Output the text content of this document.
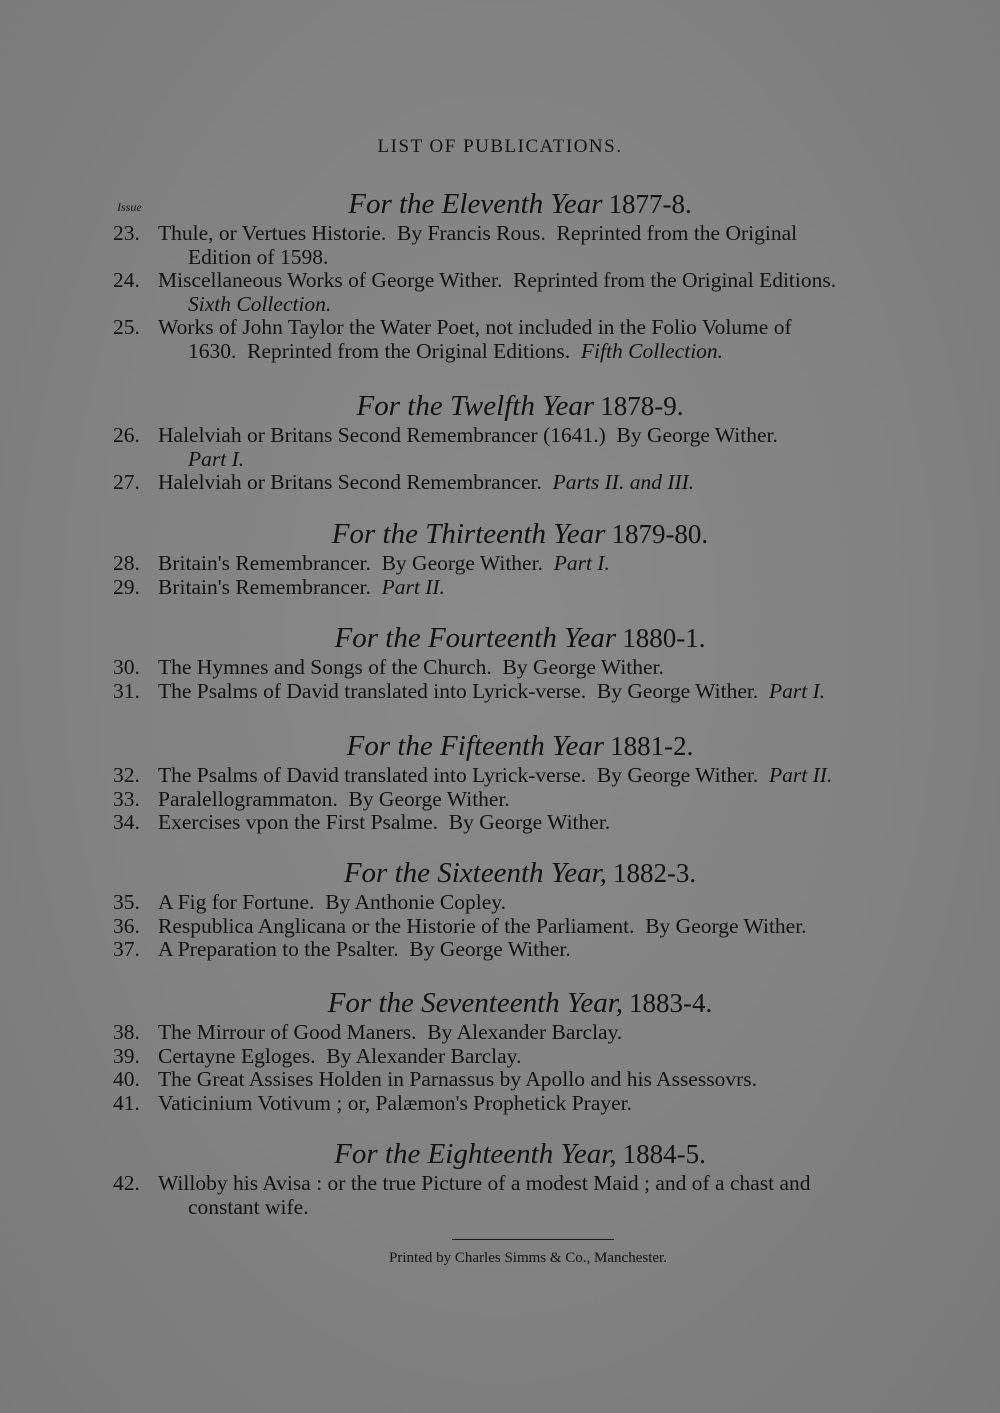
LIST OF PUBLICATIONS.
Issue	For the Eleventh Year 1877-8.
23. Thule, or Vertues Historie.  By Francis Rous.  Reprinted from the Original
Edition of 1598.
24. Miscellaneous Works of George Wither.  Reprinted from the Original Editions.
Sixth Collection.
25. Works of John Taylor the Water Poet, not included in the Folio Volume of
1630.  Reprinted from the Original Editions.  Fifth Collection.
For the Twelfth Year 1878-9.
26. Halelviah or Britans Second Remembrancer (1641.)  By George Wither.
Part I.
27. Halelviah or Britans Second Remembrancer.  Parts II. and III.
For the Thirteenth Year 1879-80.
28. Britain's Remembrancer.  By George Wither.  Part I.
29. Britain's Remembrancer.  Part II.
For the Fourteenth Year 1880-1.
30. The Hymnes and Songs of the Church.  By George Wither.
31. The Psalms of David translated into Lyrick-verse.  By George Wither.  Part I.
For the Fifteenth Year 1881-2.
32. The Psalms of David translated into Lyrick-verse.  By George Wither.  Part II.
33. Paralellogrammaton.  By George Wither.
34. Exercises vpon the First Psalme.  By George Wither.
For the Sixteenth Year, 1882-3.
35. A Fig for Fortune.  By Anthonie Copley.
36. Respublica Anglicana or the Historie of the Parliament.  By George Wither.
37. A Preparation to the Psalter.  By George Wither.
For the Seventeenth Year, 1883-4.
38. The Mirrour of Good Maners.  By Alexander Barclay.
39. Certayne Egloges.  By Alexander Barclay.
40. The Great Assises Holden in Parnassus by Apollo and his Assessovrs.
41. Vaticinium Votivum ; or, Palæmon's Prophetick Prayer.
For the Eighteenth Year, 1884-5.
42. Willoby his Avisa : or the true Picture of a modest Maid ; and of a chast and
constant wife.
Printed by Charles Simms & Co., Manchester.
